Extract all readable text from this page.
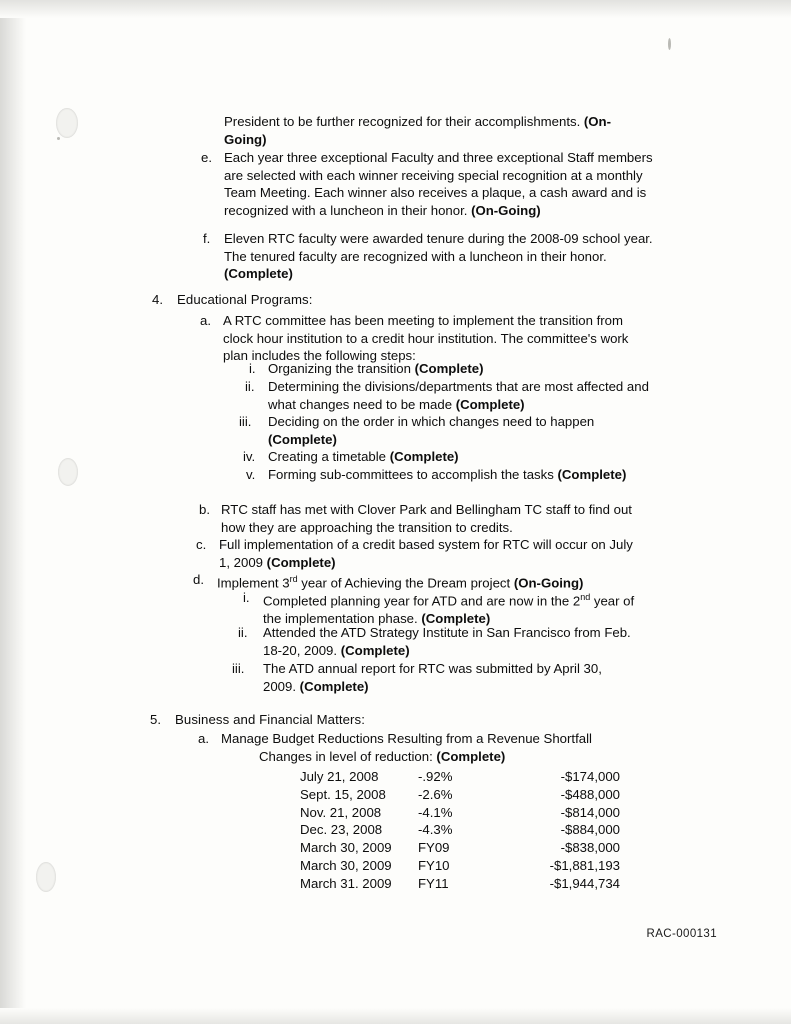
President to be further recognized for their accomplishments. (On-
Going)
e. Each year three exceptional Faculty and three exceptional Staff members are selected with each winner receiving special recognition at a monthly Team Meeting. Each winner also receives a plaque, a cash award and is recognized with a luncheon in their honor. (On-Going)
f. Eleven RTC faculty were awarded tenure during the 2008-09 school year. The tenured faculty are recognized with a luncheon in their honor. (Complete)
4. Educational Programs:
a. A RTC committee has been meeting to implement the transition from clock hour institution to a credit hour institution. The committee's work plan includes the following steps:
i. Organizing the transition (Complete)
ii. Determining the divisions/departments that are most affected and what changes need to be made (Complete)
iii. Deciding on the order in which changes need to happen (Complete)
iv. Creating a timetable (Complete)
v. Forming sub-committees to accomplish the tasks (Complete)
b. RTC staff has met with Clover Park and Bellingham TC staff to find out how they are approaching the transition to credits.
c. Full implementation of a credit based system for RTC will occur on July 1, 2009 (Complete)
d. Implement 3rd year of Achieving the Dream project (On-Going)
i. Completed planning year for ATD and are now in the 2nd year of the implementation phase. (Complete)
ii. Attended the ATD Strategy Institute in San Francisco from Feb. 18-20, 2009. (Complete)
iii. The ATD annual report for RTC was submitted by April 30, 2009. (Complete)
5. Business and Financial Matters:
a. Manage Budget Reductions Resulting from a Revenue Shortfall
Changes in level of reduction: (Complete)
July 21, 2008	-.92%	-$174,000
Sept. 15, 2008 -2.6%	-$488,000
Nov. 21, 2008	-4.1%	-$814,000
Dec. 23, 2008	-4.3%	-$884,000
March 30, 2009 FY09	-$838,000
March 30, 2009 FY10	-$1,881,193
March 31. 2009 FY11	-$1,944,734
RAC-000131
